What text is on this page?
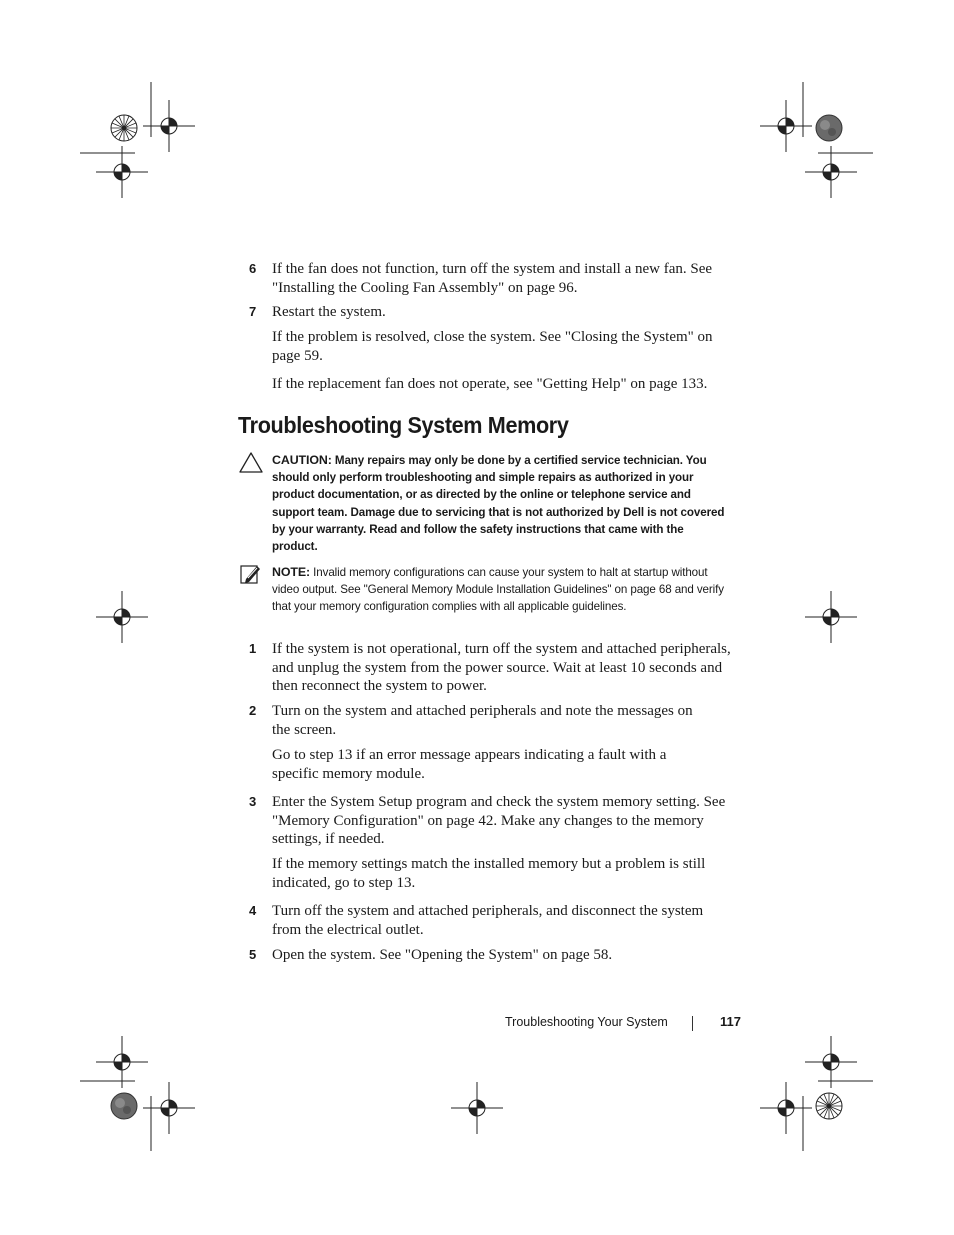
6 If the fan does not function, turn off the system and install a new fan. See "Installing the Cooling Fan Assembly" on page 96.
7 Restart the system.
If the problem is resolved, close the system. See "Closing the System" on page 59.
If the replacement fan does not operate, see "Getting Help" on page 133.
Troubleshooting System Memory
CAUTION: Many repairs may only be done by a certified service technician. You should only perform troubleshooting and simple repairs as authorized in your product documentation, or as directed by the online or telephone service and support team. Damage due to servicing that is not authorized by Dell is not covered by your warranty. Read and follow the safety instructions that came with the product.
NOTE: Invalid memory configurations can cause your system to halt at startup without video output. See "General Memory Module Installation Guidelines" on page 68 and verify that your memory configuration complies with all applicable guidelines.
1 If the system is not operational, turn off the system and attached peripherals, and unplug the system from the power source. Wait at least 10 seconds and then reconnect the system to power.
2 Turn on the system and attached peripherals and note the messages on the screen.
Go to step 13 if an error message appears indicating a fault with a specific memory module.
3 Enter the System Setup program and check the system memory setting. See "Memory Configuration" on page 42. Make any changes to the memory settings, if needed.
If the memory settings match the installed memory but a problem is still indicated, go to step 13.
4 Turn off the system and attached peripherals, and disconnect the system from the electrical outlet.
5 Open the system. See "Opening the System" on page 58.
Troubleshooting Your System	117
